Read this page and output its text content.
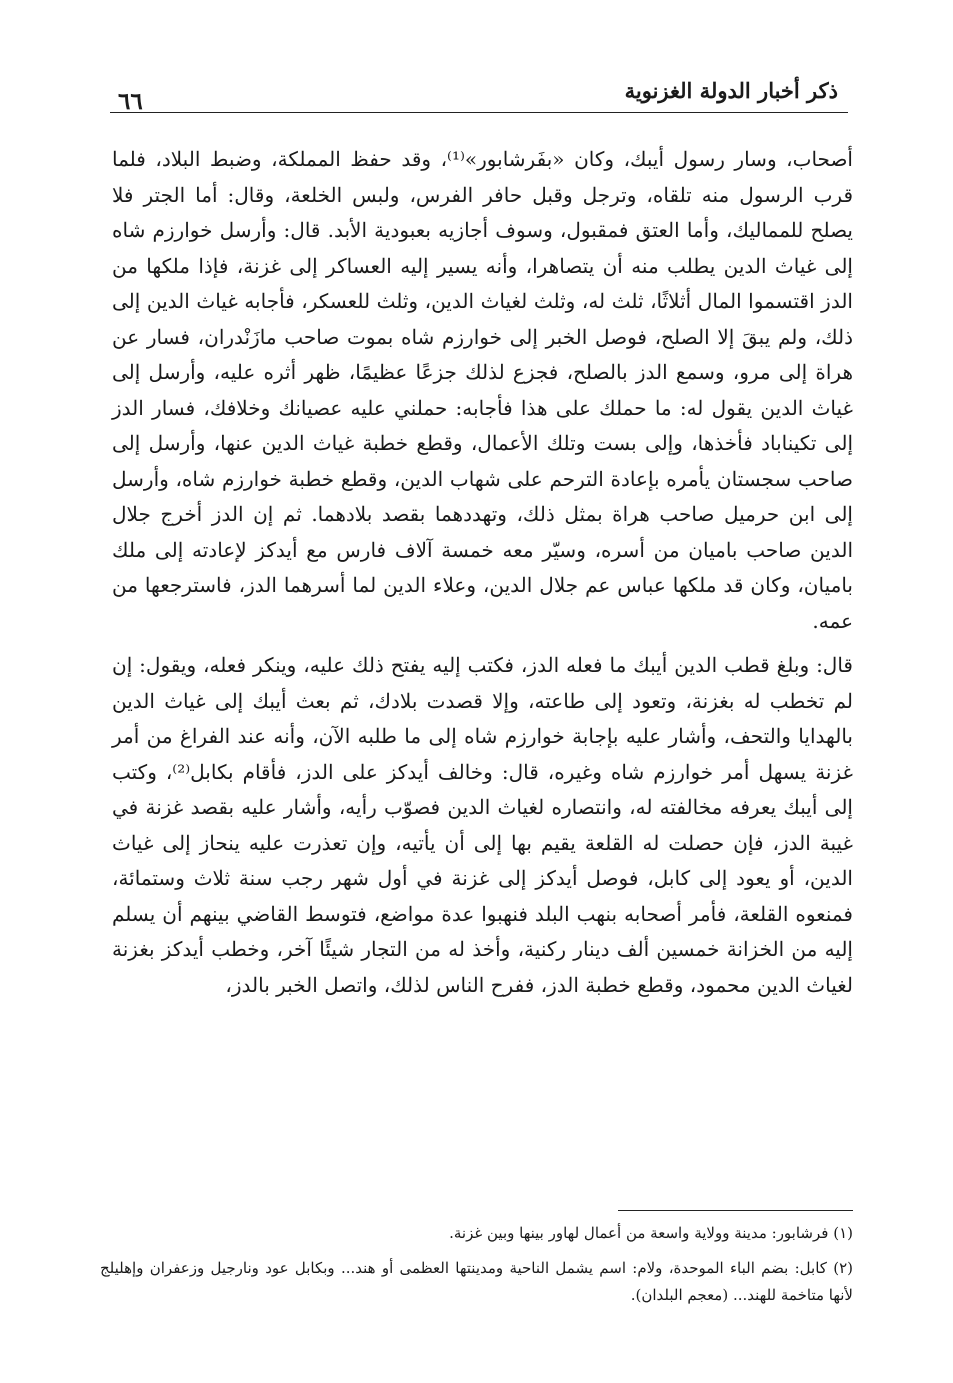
ذكر أخبار الدولة الغزنوية
٦٦

أصحاب، وسار رسول أيبك، وكان «بفَرشابور»⁽¹⁾، وقد حفظ المملكة، وضبط البلاد، فلما قرب الرسول منه تلقاه، وترجل وقبل حافر الفرس، ولبس الخلعة، وقال: أما الجتر فلا يصلح للمماليك، وأما العتق فمقبول، وسوف أجازيه بعبودية الأبد. قال: وأرسل خوارزم شاه إلى غياث الدين يطلب منه أن يتصاهرا، وأنه يسير إليه العساكر إلى غزنة، فإذا ملكها من الدز اقتسموا المال أثلاثًا، ثلث له، وثلث لغياث الدين، وثلث للعسكر، فأجابه غياث الدين إلى ذلك، ولم يبقَ إلا الصلح، فوصل الخبر إلى خوارزم شاه بموت صاحب مازَنْدران، فسار عن هراة إلى مرو، وسمع الدز بالصلح، فجزع لذلك جزعًا عظيمًا، ظهر أثره عليه، وأرسل إلى غياث الدين يقول له: ما حملك على هذا فأجابه: حملني عليه عصيانك وخلافك، فسار الدز إلى تكيناباد فأخذها، وإلى بست وتلك الأعمال، وقطع خطبة غياث الدين عنها، وأرسل إلى صاحب سجستان يأمره بإعادة الترحم على شهاب الدين، وقطع خطبة خوارزم شاه، وأرسل إلى ابن حرميل صاحب هراة بمثل ذلك، وتهددهما بقصد بلادهما. ثم إن الدز أخرج جلال الدين صاحب باميان من أسره، وسيّر معه خمسة آلاف فارس مع أيدكز لإعادته إلى ملك باميان، وكان قد ملكها عباس عم جلال الدين، وعلاء الدين لما أسرهما الدز، فاسترجعها من عمه.

قال: وبلغ قطب الدين أيبك ما فعله الدز، فكتب إليه يفتح ذلك عليه، وينكر فعله، ويقول: إن لم تخطب له بغزنة، وتعود إلى طاعته، وإلا قصدت بلادك، ثم بعث أيبك إلى غياث الدين بالهدايا والتحف، وأشار عليه بإجابة خوارزم شاه إلى ما طلبه الآن، وأنه عند الفراغ من أمر غزنة يسهل أمر خوارزم شاه وغيره، قال: وخالف أيدكز على الدز، فأقام بكابل⁽²⁾، وكتب إلى أيبك يعرفه مخالفته له، وانتصاره لغياث الدين فصوّب رأيه، وأشار عليه بقصد غزنة في غيبة الدز، فإن حصلت له القلعة يقيم بها إلى أن يأتيه، وإن تعذرت عليه ينحاز إلى غياث الدين، أو يعود إلى كابل، فوصل أيدكز إلى غزنة في أول شهر رجب سنة ثلاث وستمائة، فمنعوه القلعة، فأمر أصحابه بنهب البلد فنهبوا عدة مواضع، فتوسط القاضي بينهم أن يسلم إليه من الخزانة خمسين ألف دينار ركنية، وأخذ له من التجار شيئًا آخر، وخطب أيدكز بغزنة لغياث الدين محمود، وقطع خطبة الدز، ففرح الناس لذلك، واتصل الخبر بالدز،

(١) فرشابور: مدينة وولاية واسعة من أعمال لهاور بينها وبين غزنة.

(٢) كابل: بضم الباء الموحدة، ولام: اسم يشمل الناحية ومدينتها العظمى أو هند... وبكابل عود ونارجيل وزعفران وإهليلج لأنها متاخمة للهند... (معجم البلدان).
